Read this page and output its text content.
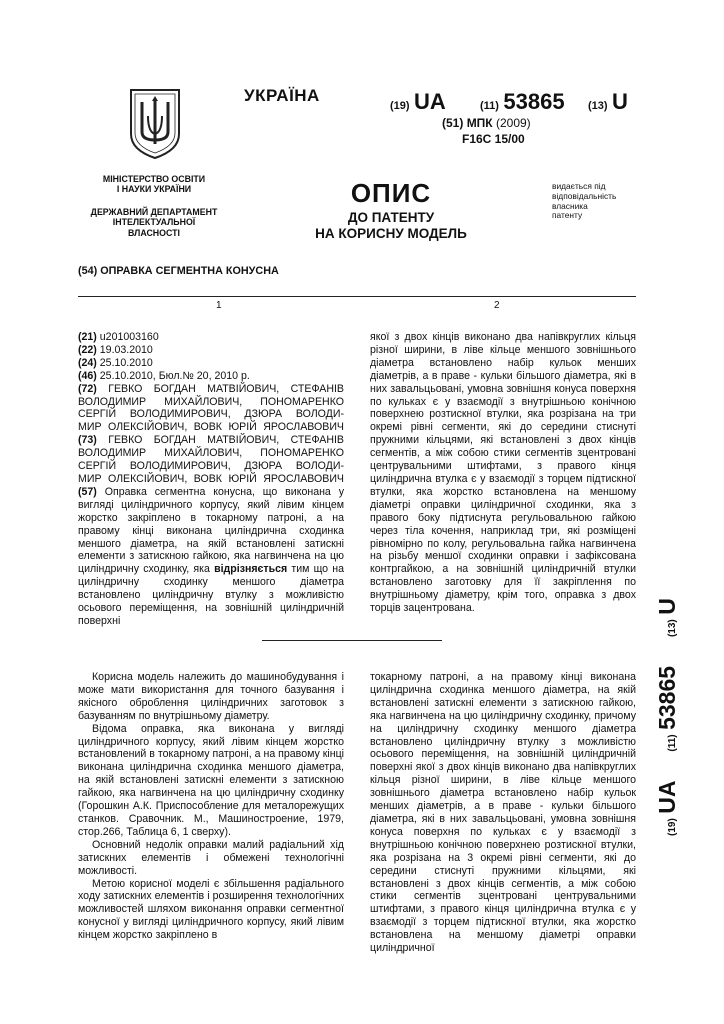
УКРАЇНА
(19) UA	(11) 53865 (13) U
(51) МПК (2009)
F16C 15/00
МІНІСТЕРСТВО ОСВІТИ
І НАУКИ УКРАЇНИ
ДЕРЖАВНИЙ ДЕПАРТАМЕНТ
ІНТЕЛЕКТУАЛЬНОЇ
ВЛАСНОСТІ
ОПИС
ДО ПАТЕНТУ
НА КОРИСНУ МОДЕЛЬ
видається під
відповідальність
власника
патенту
(54) ОПРАВКА СЕГМЕНТНА КОНУСНА
1	2
(21) u201003160
(22) 19.03.2010
(24) 25.10.2010
(46) 25.10.2010, Бюл.№ 20, 2010 р.
(72) ГЕВКО БОГДАН МАТВІЙОВИЧ, СТЕФАНІВ
ВОЛОДИМИР МИХАЙЛОВИЧ, ПОНОМАРЕНКО
СЕРГІЙ ВОЛОДИМИРОВИЧ, ДЗЮРА ВОЛОДИ-
МИР ОЛЕКСІЙОВИЧ, ВОВК ЮРІЙ ЯРОСЛАВОВИЧ
(73) ГЕВКО БОГДАН МАТВІЙОВИЧ, СТЕФАНІВ
ВОЛОДИМИР МИХАЙЛОВИЧ, ПОНОМАРЕНКО
СЕРГІЙ ВОЛОДИМИРОВИЧ, ДЗЮРА ВОЛОДИ-
МИР ОЛЕКСІЙОВИЧ, ВОВК ЮРІЙ ЯРОСЛАВОВИЧ
(57) Оправка сегментна конусна, що виконана у вигляді циліндричного корпусу, який лівим кінцем жорстко закріплено в токарному патроні, а на правому кінці виконана циліндрична сходинка меншого діаметра, на якій встановлені затискні елементи з затискною гайкою, яка нагвинчена на цю циліндричну сходинку, яка відрізняється тим що на циліндричну сходинку меншого діаметра встановлено циліндричну втулку з можливістю осьового переміщення, на зовнішній циліндричній поверхні
якої з двох кінців виконано два напівкруглих кільця різної ширини, в ліве кільце меншого зовнішнього діаметра встановлено набір кульок менших діаметрів, а в праве - кульки більшого діаметра, які в них завальцьовані, умовна зовнішня конуса поверхня по кульках є у взаємодії з внутрішньою конічною поверхнею розтискної втулки, яка розрізана на три окремі рівні сегменти, які до середини стиснуті пружними кільцями, які встановлені з двох кінців сегментів, а між собою стики сегментів зцентровані центрувальними штифтами, з правого кінця циліндрична втулка є у взаємодії з торцем підтискної втулки, яка жорстко встановлена на меншому діаметрі оправки циліндричної сходинки, яка з правого боку підтиснута регульовальною гайкою через тіла кочення, наприклад три, які розміщені рівномірно по колу, регульовальна гайка нагвинчена на різьбу меншої сходинки оправки і зафіксована контргайкою, а на зовнішній циліндричній втулки встановлено заготовку для її закріплення по внутрішньому діаметру, крім того, оправка з двох торців зацентрована.

Корисна модель належить до машинобудування і може мати використання для точного базування і якісного оброблення циліндричних заготовок з базуванням по внутрішньому діаметру.

Відома оправка, яка виконана у вигляді циліндричного корпусу, який лівим кінцем жорстко встановлений в токарному патроні, а на правому кінці виконана циліндрична сходинка меншого діаметра, на якій встановлені затискні елементи з затискною гайкою, яка нагвинчена на цю циліндричну сходинку (Горошкин А.К. Приспособление для металорежущих станков. Сравочник. М., Машиностроение, 1979, стор.266, Таблица 6, 1 сверху).

Основний недолік оправки малий радіальний хід затискних елементів і обмежені технологічні можливості.

Метою корисної моделі є збільшення радіального ходу затискних елементів і розширення технологічних можливостей шляхом виконання оправки сегментної конусної у вигляді циліндричного корпусу, який лівим кінцем жорстко закріплено в

токарному патроні, а на правому кінці виконана циліндрична сходинка меншого діаметра, на якій встановлені затискні елементи з затискною гайкою, яка нагвинчена на цю циліндричну сходинку, причому на циліндричну сходинку меншого діаметра встановлено циліндричну втулку з можливістю осьового переміщення, на зовнішній циліндричній поверхні якої з двох кінців виконано два напівкруглих кільця різної ширини, в ліве кільце меншого зовнішнього діаметра встановлено набір кульок менших діаметрів, а в праве - кульки більшого діаметра, які в них завальцьовані, умовна зовнішня конуса поверхня по кульках є у взаємодії з внутрішньою конічною поверхнею розтискної втулки, яка розрізана на 3 окремі рівні сегменти, які до середини стиснуті пружними кільцями, які встановлені з двох кінців сегментів, а між собою стики сегментів зцентровані центрувальними штифтами, з правого кінця циліндрична втулка є у взаємодії з торцем підтискної втулки, яка жорстко встановлена на меншому діаметрі оправки циліндричної
(19) UA  (11) 53865  (13) U
